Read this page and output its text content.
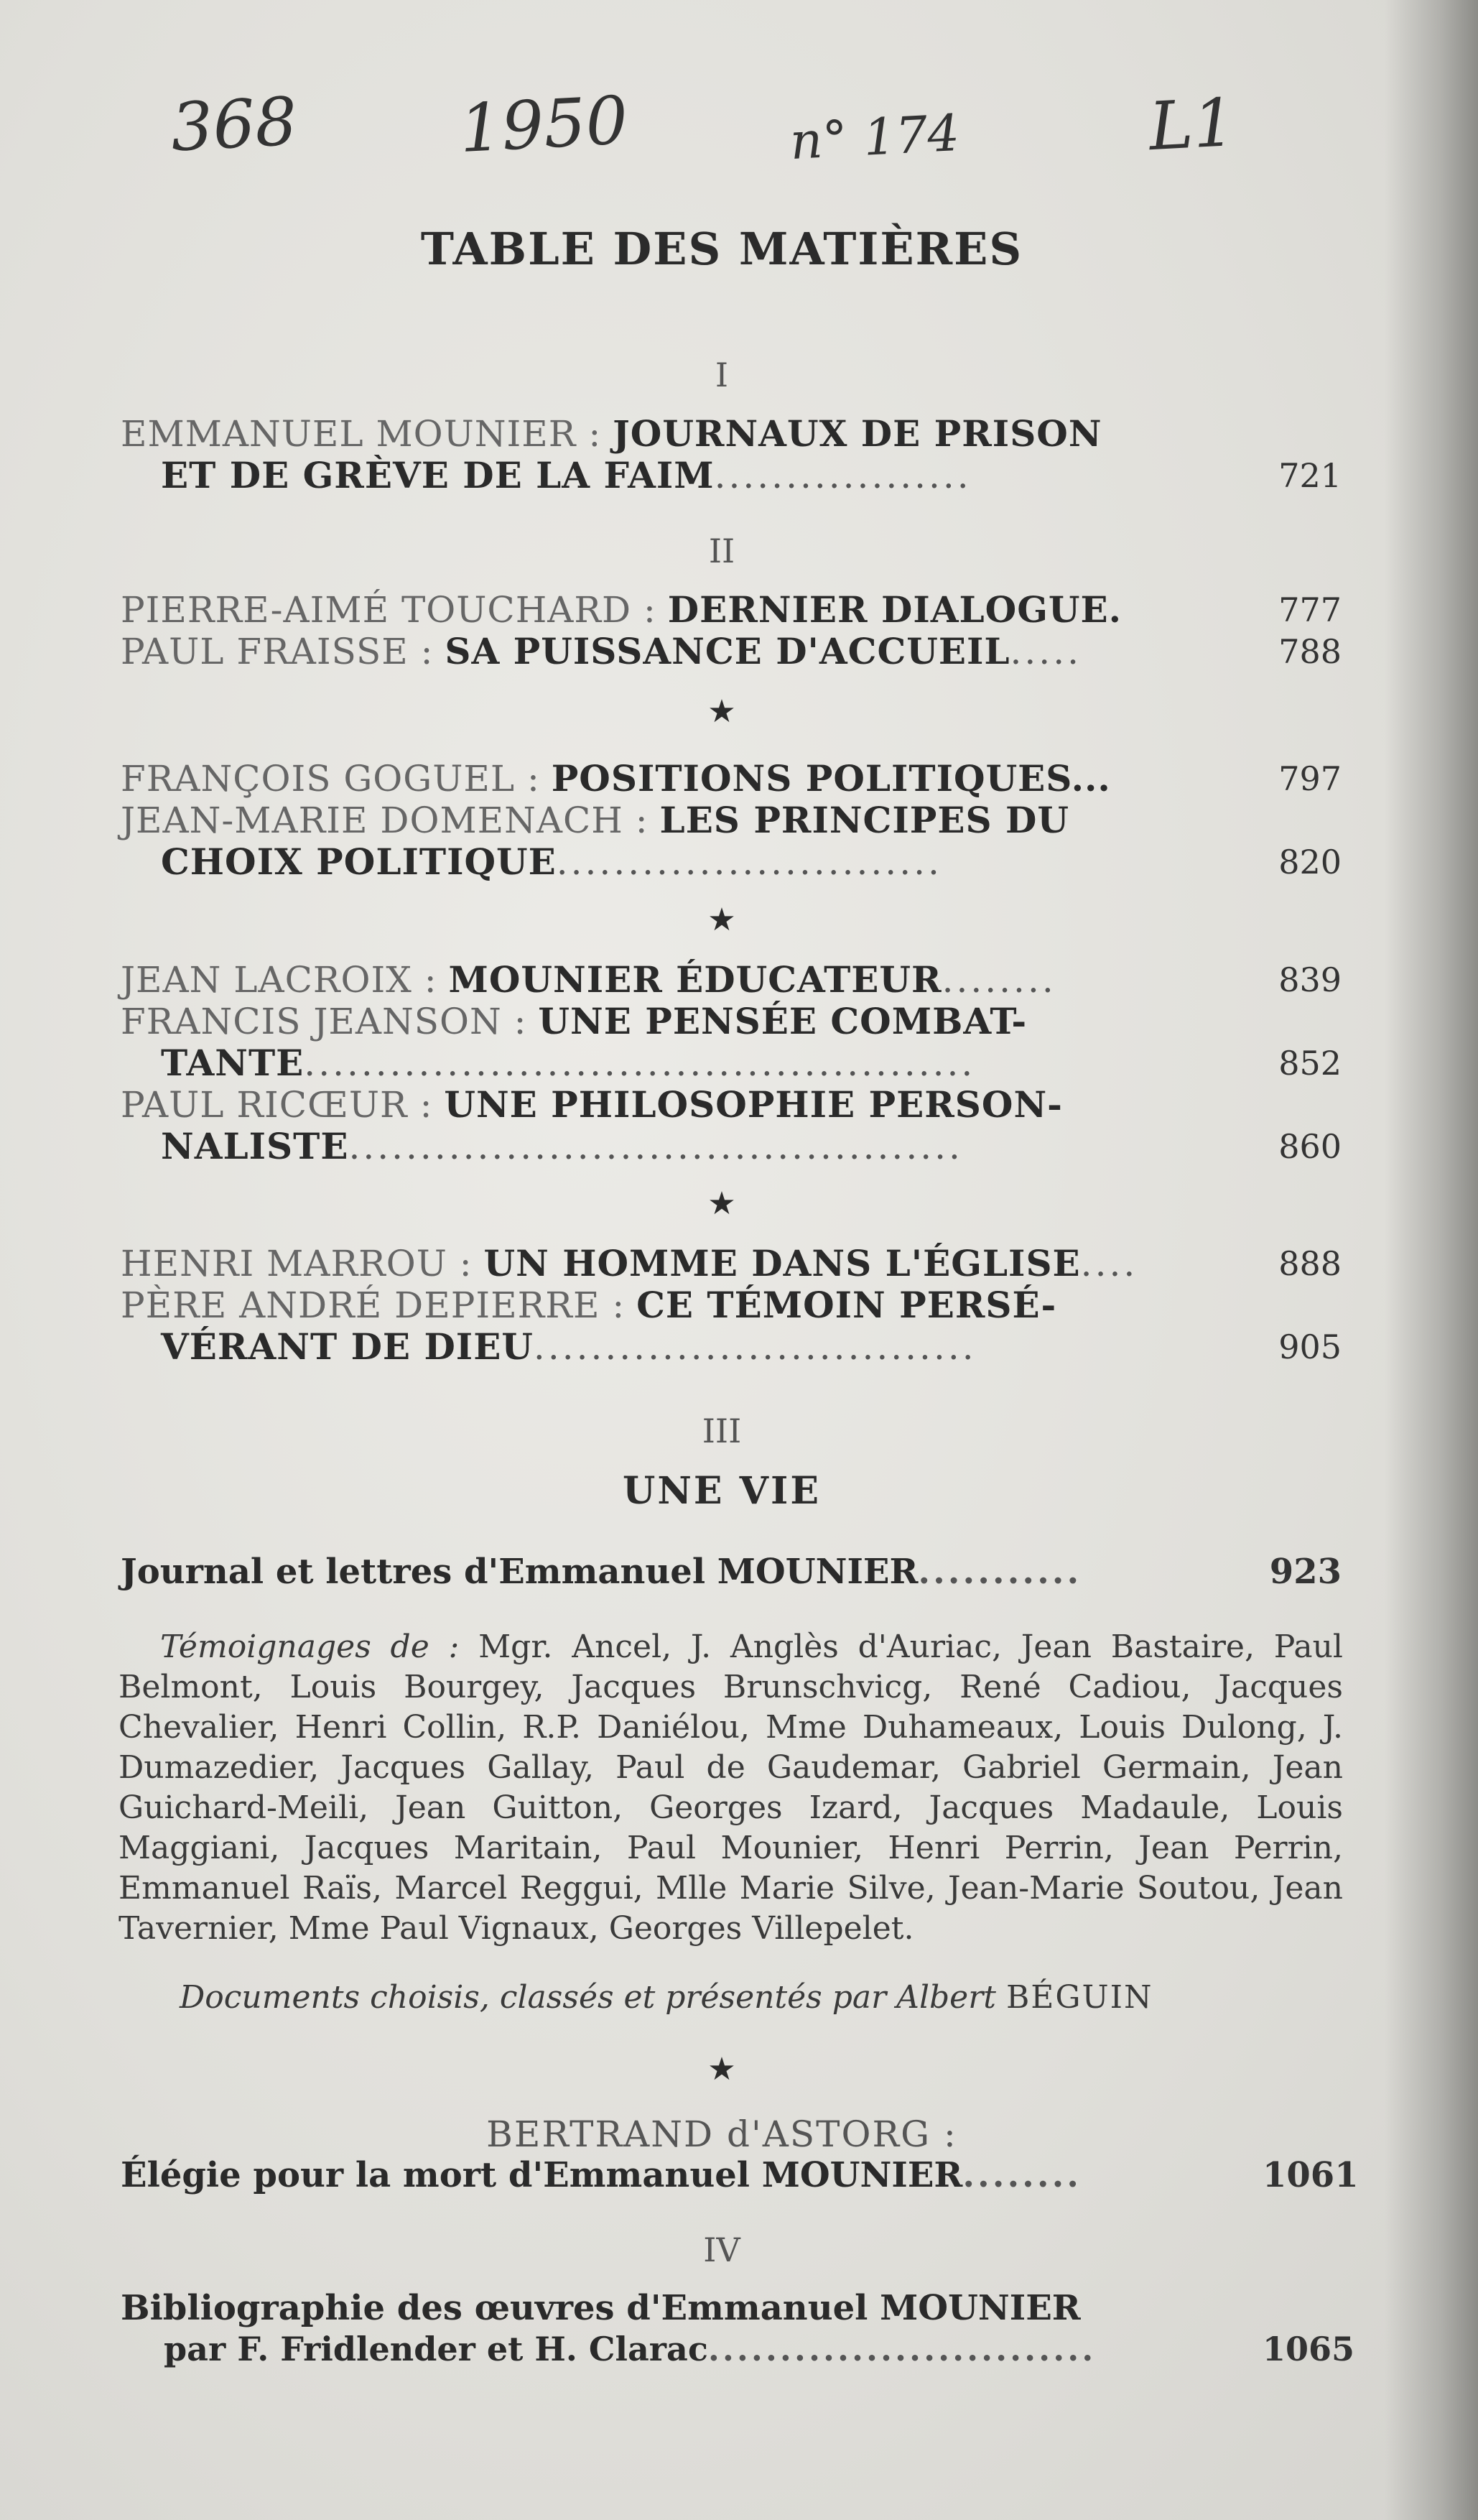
368 1950	n° 174	L1
TABLE DES MATIÈRES
I
EMMANUEL MOUNIER : JOURNAUX DE PRISON
ET DE GRÈVE DE LA FAIM..................	721
II
PIERRE-AIMÉ TOUCHARD : DERNIER DIALOGUE.	777
PAUL FRAISSE : SA PUISSANCE D'ACCUEIL.....	788
★
FRANÇOIS GOGUEL : POSITIONS POLITIQUES...	797
JEAN-MARIE DOMENACH : LES PRINCIPES DU
CHOIX POLITIQUE...........................	820
★
JEAN LACROIX : MOUNIER ÉDUCATEUR........	839
FRANCIS JEANSON : UNE PENSÉE COMBAT-
TANTE...............................................	852
PAUL RICŒUR : UNE PHILOSOPHIE PERSON-
NALISTE...........................................	860
★
HENRI MARROU : UN HOMME DANS L'ÉGLISE....	888
PÈRE ANDRÉ DEPIERRE : CE TÉMOIN PERSÉ-
VÉRANT DE DIEU...............................	905
III
UNE VIE
Journal et lettres d'Emmanuel MOUNIER...........	923
Témoignages de : Mgr. Ancel, J. Anglès d'Auriac, Jean Bastaire, Paul Belmont, Louis Bourgey, Jacques Brunschvicg, René Cadiou, Jacques Chevalier, Henri Collin, R.P. Daniélou, Mme Duhameaux, Louis Dulong, J. Dumazedier, Jacques Gallay, Paul de Gaudemar, Gabriel Germain, Jean Guichard-Meili, Jean Guitton, Georges Izard, Jacques Madaule, Louis Maggiani, Jacques Maritain, Paul Mounier, Henri Perrin, Jean Perrin, Emmanuel Raïs, Marcel Reggui, Mlle Marie Silve, Jean-Marie Soutou, Jean Tavernier, Mme Paul Vignaux, Georges Villepelet.
Documents choisis, classés et présentés par Albert BÉGUIN
★
BERTRAND d'ASTORG :
Élégie pour la mort d'Emmanuel MOUNIER........	1061
IV
Bibliographie des œuvres d'Emmanuel MOUNIER
par F. Fridlender et H. Clarac...........................	1065
